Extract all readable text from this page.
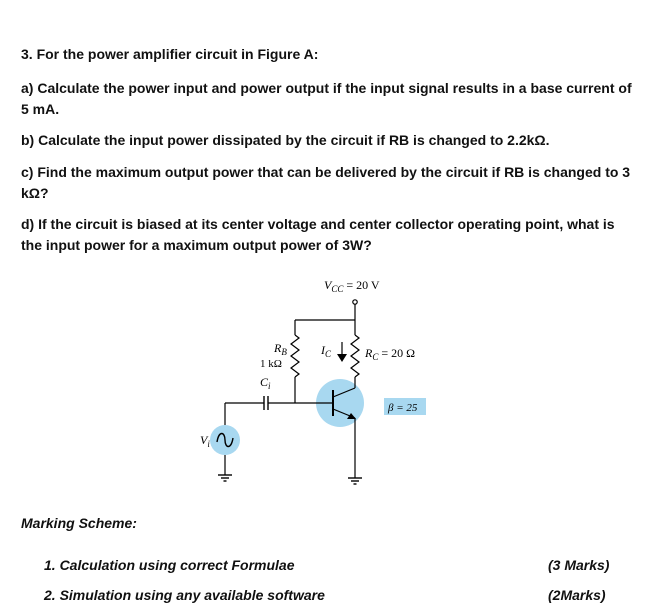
3. For the power amplifier circuit in Figure A:
a) Calculate the power input and power output if the input signal results in a base current of 5 mA.
b) Calculate the input power dissipated by the circuit if RB is changed to 2.2kΩ.
c) Find the maximum output power that can be delivered by the circuit if RB is changed to 3 kΩ?
d) If the circuit is biased at its center voltage and center collector operating point, what is the input power for a maximum output power of 3W?
$V_{CC} = 20$ V
$R_B$
1 kΩ
$R_C = 20$ Ω
$I_C$
β = 25
$C_i$
$V_i$
Marking Scheme:
1. Calculation using correct Formulae	(3 Marks)
2. Simulation using any available software	(2Marks)
